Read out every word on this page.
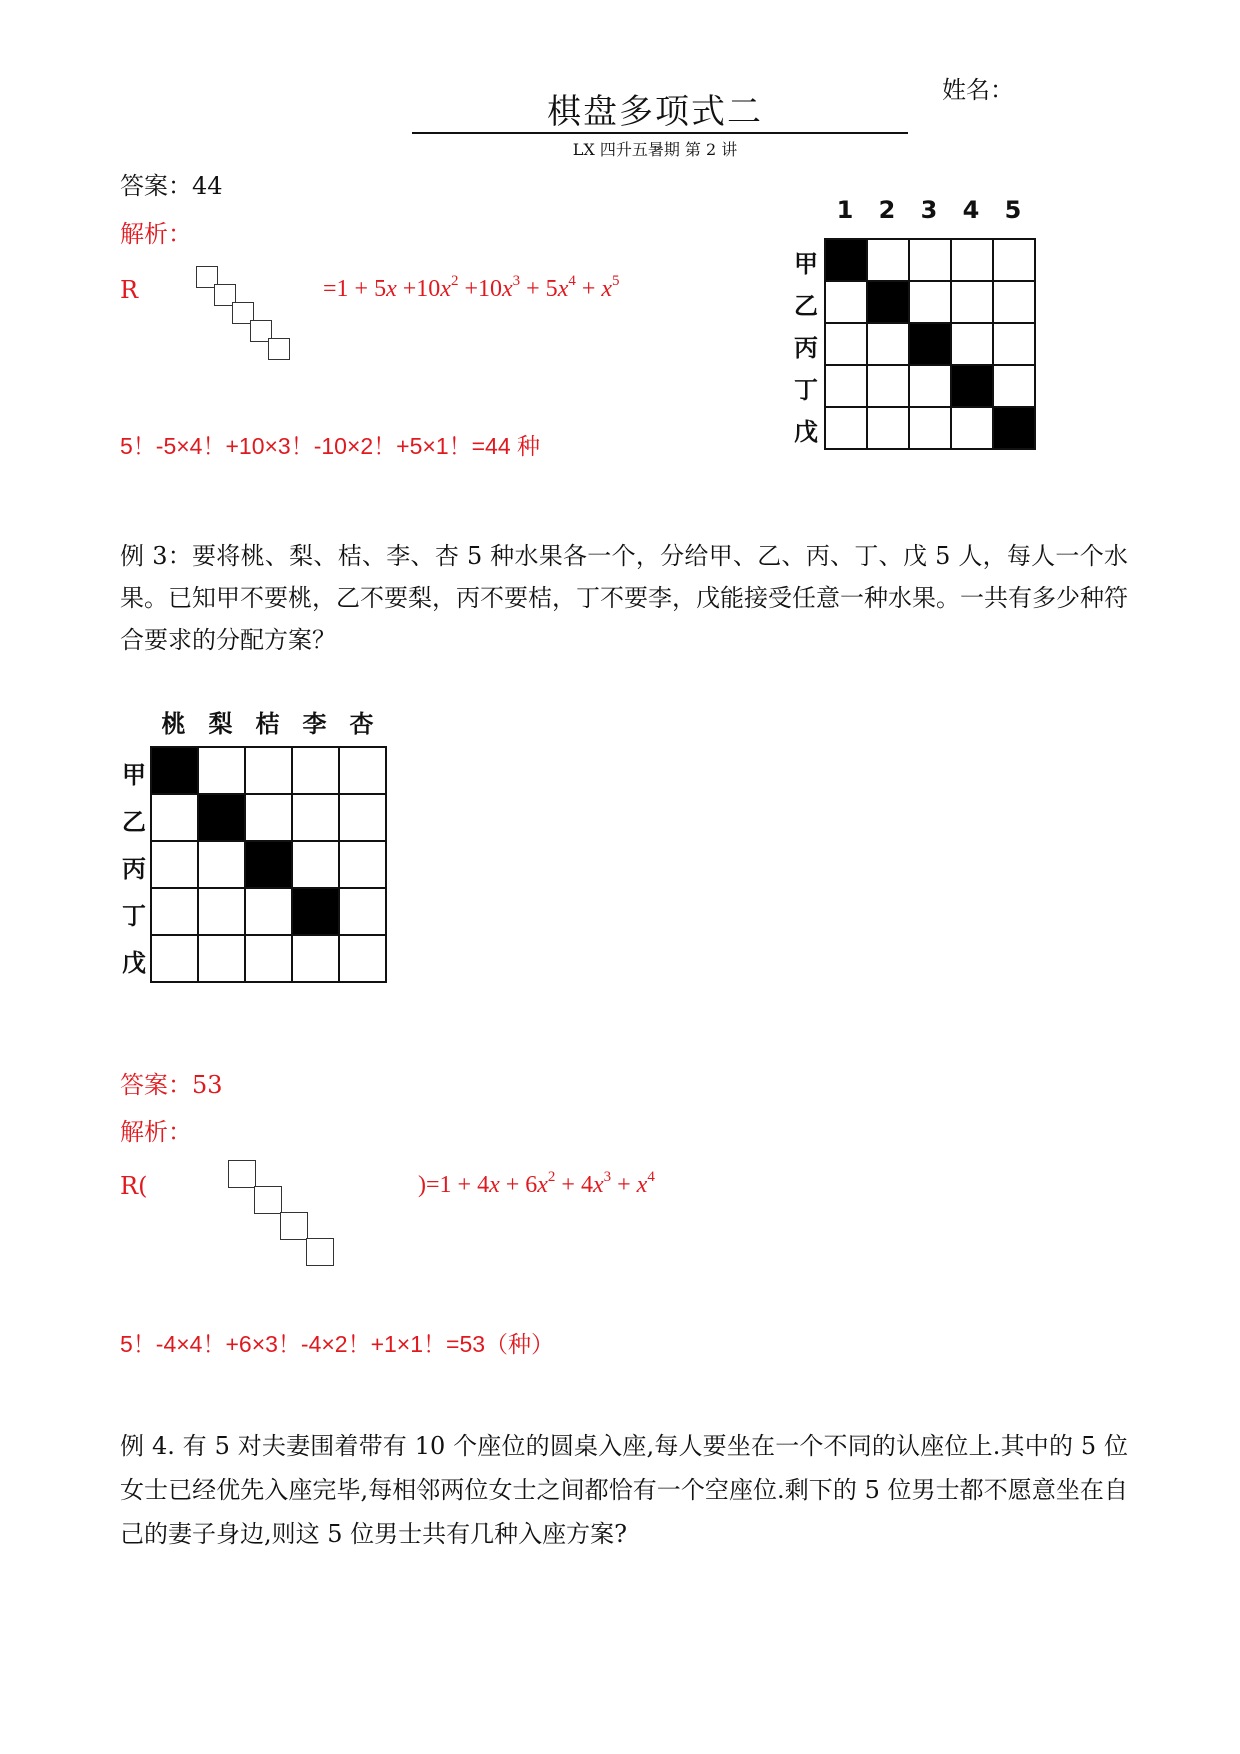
姓名：
棋盘多项式二
LX 四升五暑期 第 2 讲
答案：44
解析：
R	$=1 + 5x +10x^2 +10x^3 + 5x^4 + x^5$
5！-5×4！+10×3！-10×2！+5×1！=44 种
1	2	3	4	5
甲
乙
丙
丁
戊
例 3：要将桃、梨、桔、李、杏 5 种水果各一个，分给甲、乙、丙、丁、戊 5 人，每人一个水果。已知甲不要桃，乙不要梨，丙不要桔，丁不要李，戊能接受任意一种水果。一共有多少种符合要求的分配方案？
桃 梨 桔 李 杏
甲
乙
丙
丁
戊
答案：53
解析：
R(	)$=1 + 4x + 6x^2 + 4x^3 + x^4$
5！-4×4！+6×3！-4×2！+1×1！=53（种）
例 4. 有 5 对夫妻围着带有 10 个座位的圆桌入座,每人要坐在一个不同的认座位上.其中的 5 位女士已经优先入座完毕,每相邻两位女士之间都恰有一个空座位.剩下的 5 位男士都不愿意坐在自己的妻子身边,则这 5 位男士共有几种入座方案?
